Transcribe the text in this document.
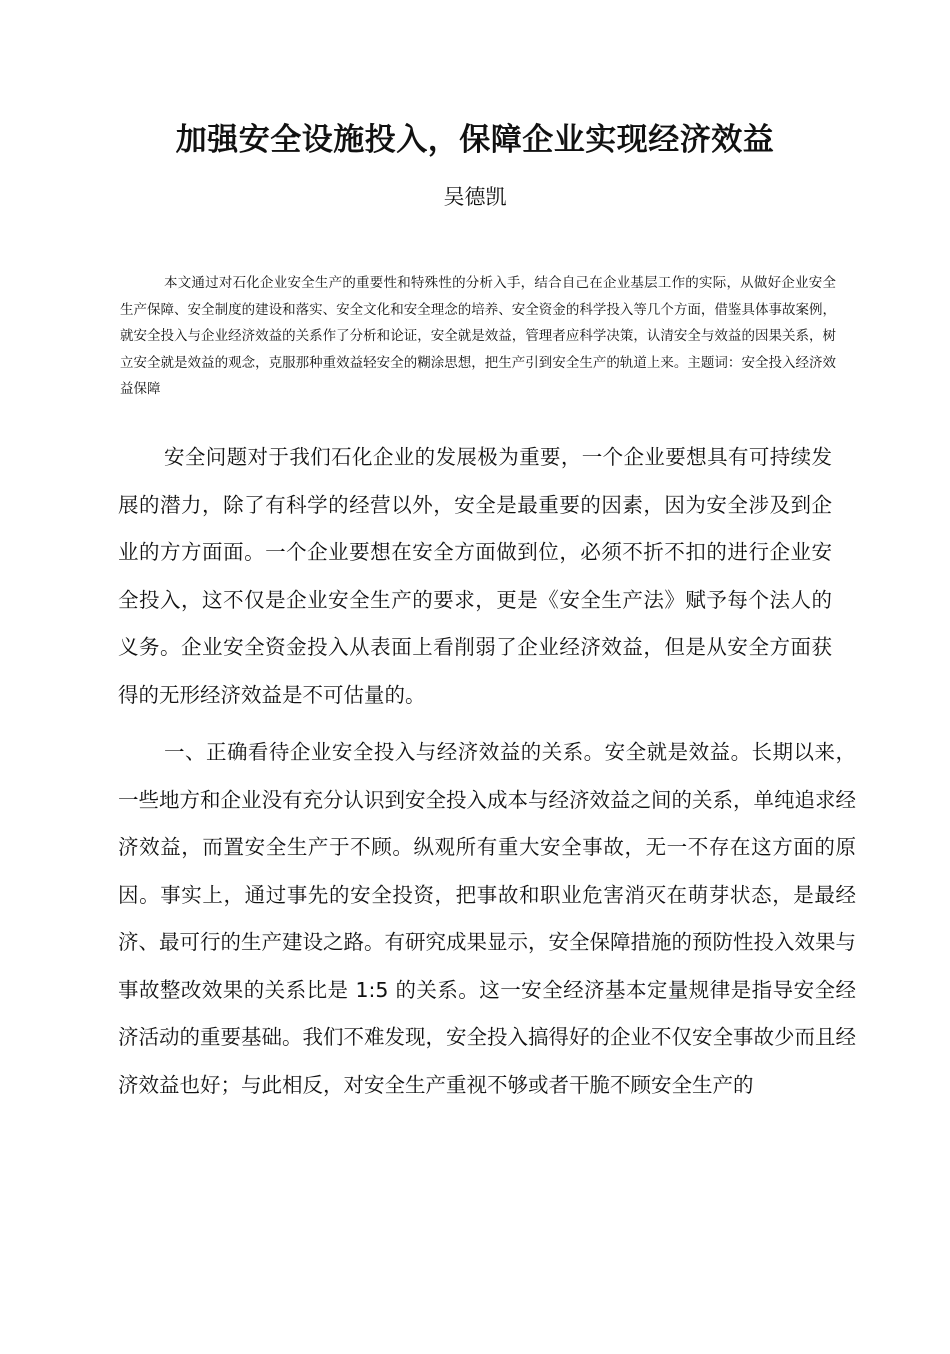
加强安全设施投入，保障企业实现经济效益

吴德凯

本文通过对石化企业安全生产的重要性和特殊性的分析入手，结合自己在企业基层工作的实际，从做好企业安全生产保障、安全制度的建设和落实、安全文化和安全理念的培养、安全资金的科学投入等几个方面，借鉴具体事故案例，就安全投入与企业经济效益的关系作了分析和论证，安全就是效益，管理者应科学决策，认清安全与效益的因果关系，树立安全就是效益的观念，克服那种重效益轻安全的糊涂思想，把生产引到安全生产的轨道上来。主题词：安全投入经济效益保障

安全问题对于我们石化企业的发展极为重要，一个企业要想具有可持续发展的潜力，除了有科学的经营以外，安全是最重要的因素，因为安全涉及到企业的方方面面。一个企业要想在安全方面做到位，必须不折不扣的进行企业安全投入，这不仅是企业安全生产的要求，更是《安全生产法》赋予每个法人的义务。企业安全资金投入从表面上看削弱了企业经济效益，但是从安全方面获得的无形经济效益是不可估量的。

一、正确看待企业安全投入与经济效益的关系。安全就是效益。长期以来，一些地方和企业没有充分认识到安全投入成本与经济效益之间的关系，单纯追求经济效益，而置安全生产于不顾。纵观所有重大安全事故，无一不存在这方面的原因。事实上，通过事先的安全投资，把事故和职业危害消灭在萌芽状态，是最经济、最可行的生产建设之路。有研究成果显示，安全保障措施的预防性投入效果与事故整改效果的关系比是 1:5 的关系。这一安全经济基本定量规律是指导安全经济活动的重要基础。我们不难发现，安全投入搞得好的企业不仅安全事故少而且经济效益也好；与此相反，对安全生产重视不够或者干脆不顾安全生产的
